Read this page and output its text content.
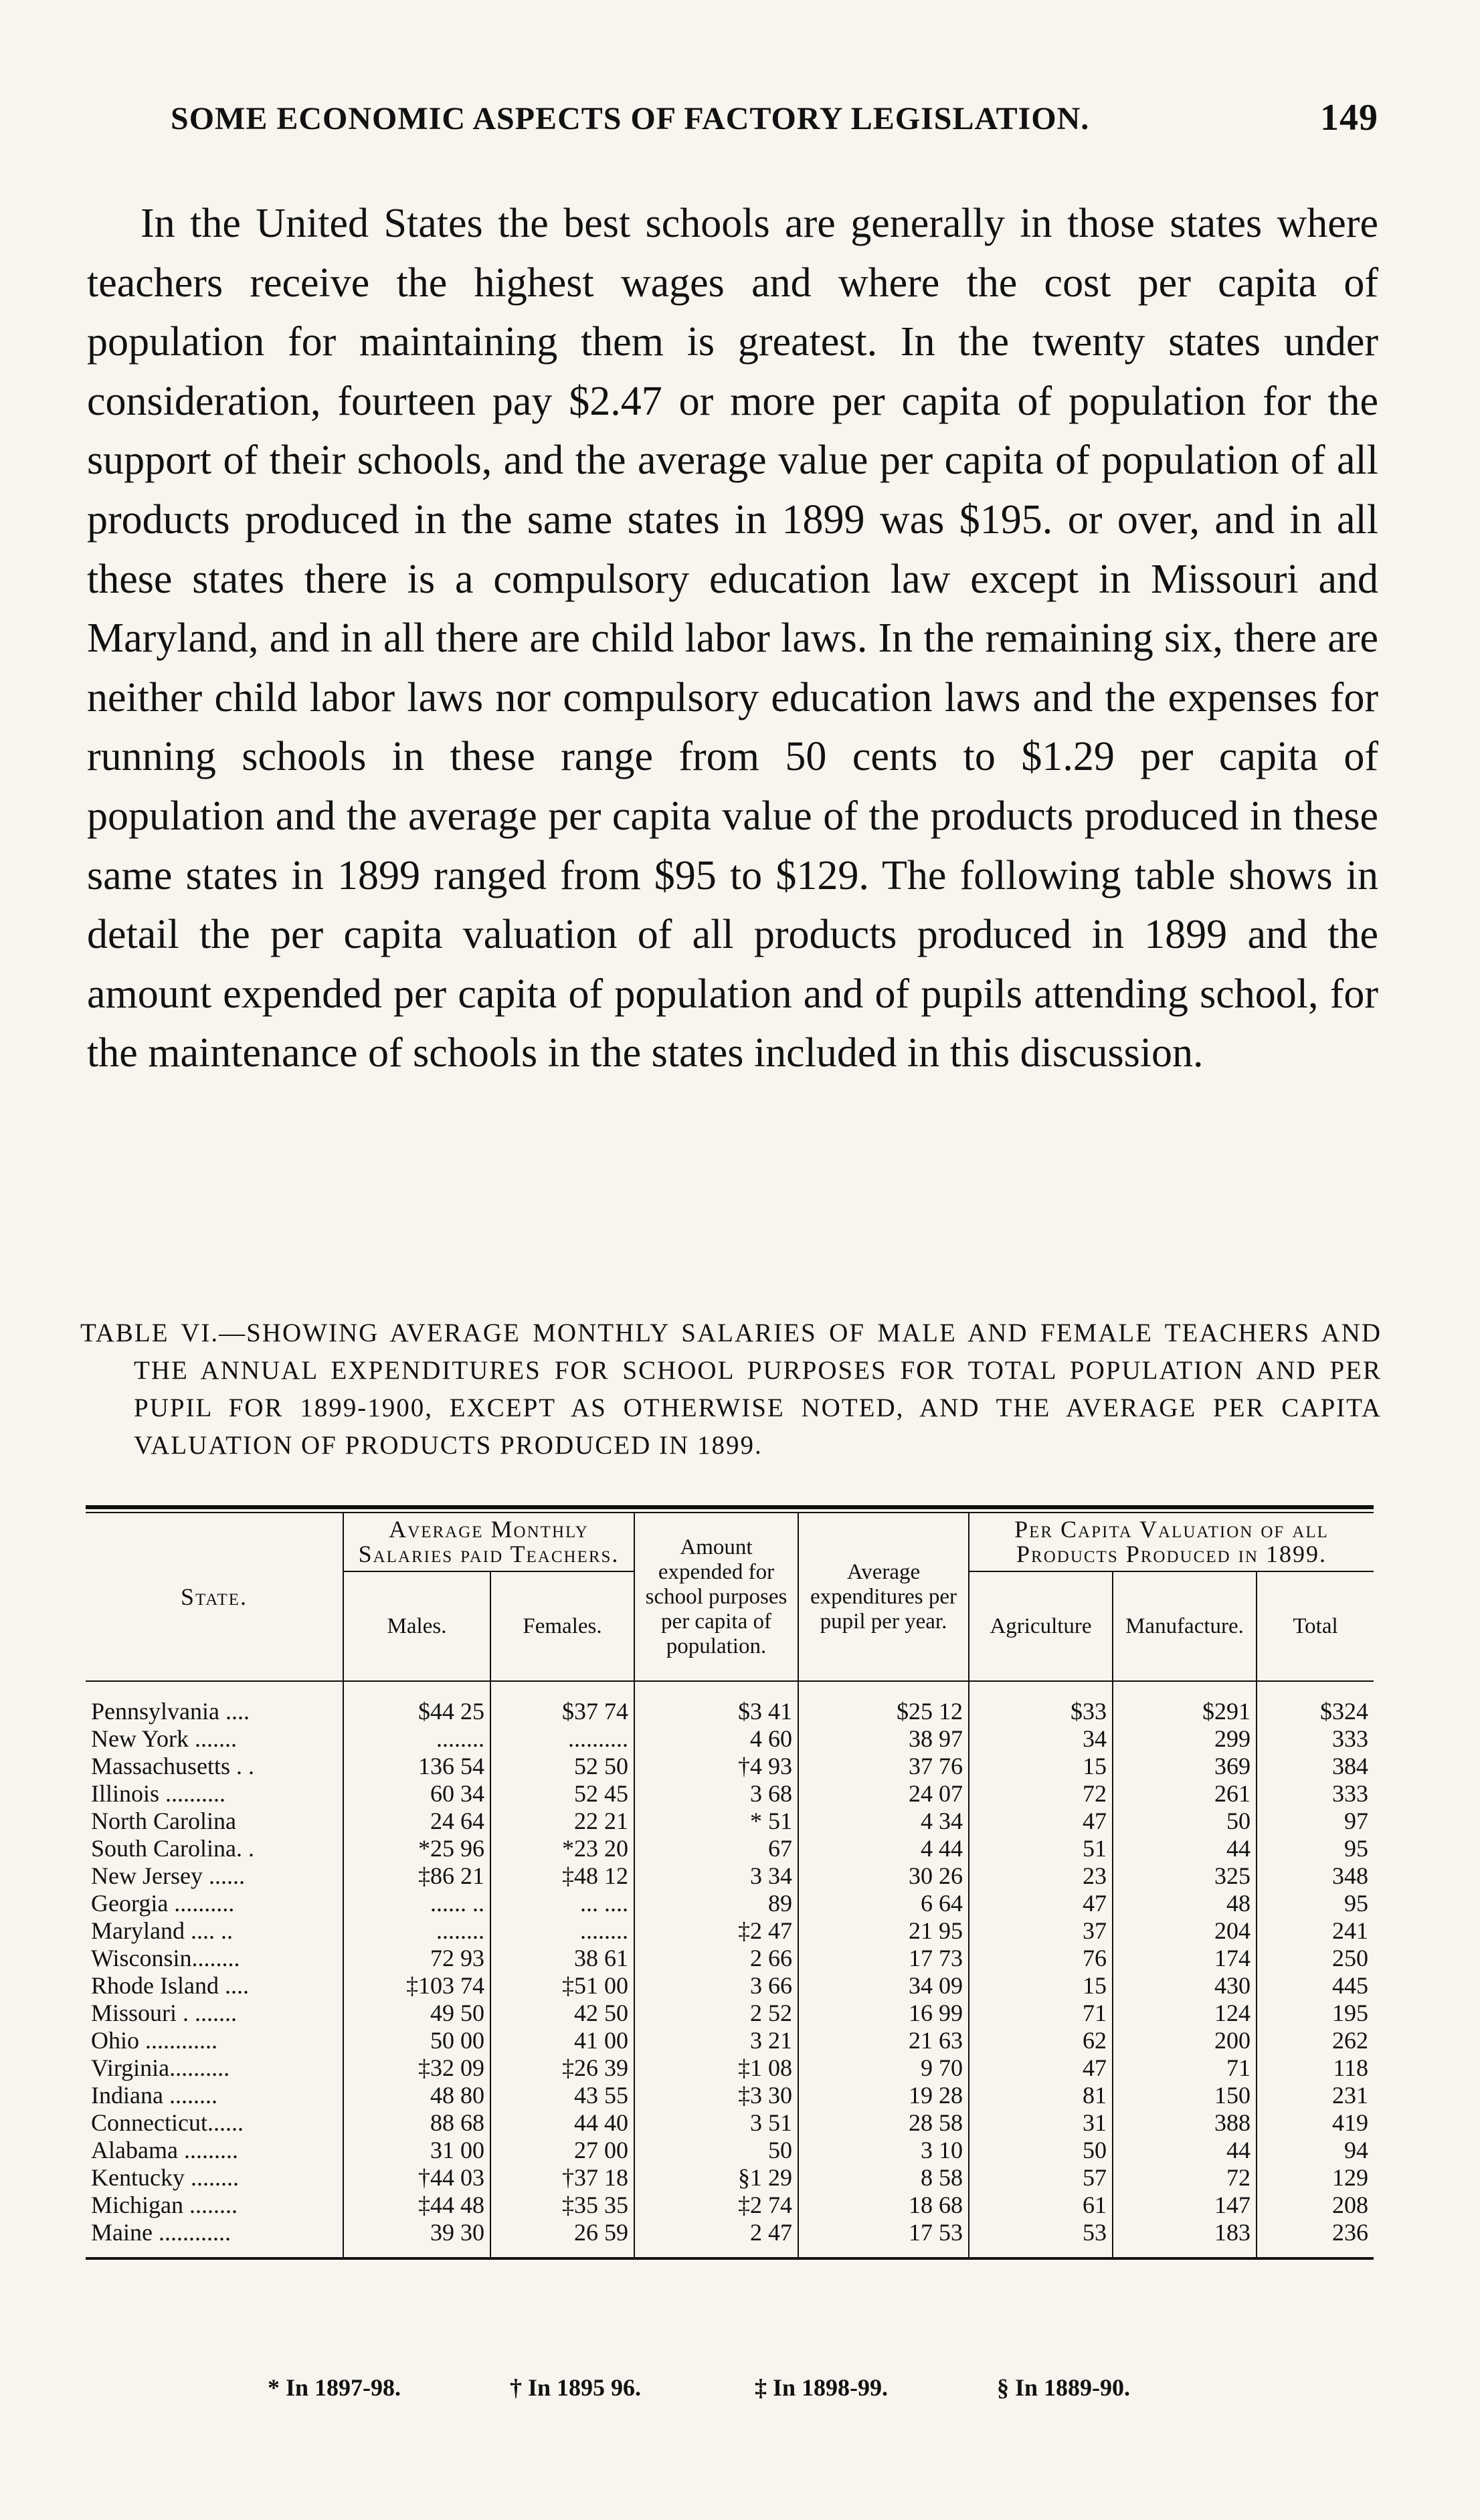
SOME ECONOMIC ASPECTS OF FACTORY LEGISLATION.	149

In the United States the best schools are generally in those states where teachers receive the highest wages and where the cost per capita of population for maintaining them is greatest. In the twenty states under consideration, fourteen pay $2.47 or more per capita of population for the support of their schools, and the average value per capita of population of all products produced in the same states in 1899 was $195. or over, and in all these states there is a compulsory education law except in Missouri and Maryland, and in all there are child labor laws. In the remaining six, there are neither child labor laws nor compulsory education laws and the expenses for running schools in these range from 50 cents to $1.29 per capita of population and the average per capita value of the products produced in these same states in 1899 ranged from $95 to $129. The following table shows in detail the per capita valuation of all products produced in 1899 and the amount expended per capita of population and of pupils attending school, for the maintenance of schools in the states included in this discussion.

TABLE VI.—SHOWING AVERAGE MONTHLY SALARIES OF MALE AND FEMALE TEACHERS AND THE ANNUAL EXPENDITURES FOR SCHOOL PURPOSES FOR TOTAL POPULATION AND PER PUPIL FOR 1899-1900, EXCEPT AS OTHERWISE NOTED, AND THE AVERAGE PER CAPITA VALUATION OF PRODUCTS PRODUCED IN 1899.

State.	Average Monthly Salaries paid Teachers.		Amount expended for school purposes per capita of population.	Average expenditures per pupil per year.	Per Capita Valuation of all Products Produced in 1899.		
	Males.	Females.			Agriculture	Manufacture.	Total
Pennsylvania ....	$44 25	$37 74	$3 41	$25 12	$33	$291	$324
New York .......	........	..........	4 60	38 97	34	299	333
Massachusetts . .	136 54	52 50	†4 93	37 76	15	369	384
Illinois ..........	60 34	52 45	3 68	24 07	72	261	333
North Carolina	24 64	22 21	* 51	4 34	47	50	97
South Carolina. .	*25 96	*23 20	67	4 44	51	44	95
New Jersey ......	‡86 21	‡48 12	3 34	30 26	23	325	348
Georgia ..........	...... ..	... ....	89	6 64	47	48	95
Maryland .... ..	........	........	‡2 47	21 95	37	204	241
Wisconsin........	72 93	38 61	2 66	17 73	76	174	250
Rhode Island ....	‡103 74	‡51 00	3 66	34 09	15	430	445
Missouri . .......	49 50	42 50	2 52	16 99	71	124	195
Ohio ............	50 00	41 00	3 21	21 63	62	200	262
Virginia..........	‡32 09	‡26 39	‡1 08	9 70	47	71	118
Indiana ........	48 80	43 55	‡3 30	19 28	81	150	231
Connecticut......	88 68	44 40	3 51	28 58	31	388	419
Alabama .........	31 00	27 00	50	3 10	50	44	94
Kentucky ........	†44 03	†37 18	§1 29	8 58	57	72	129
Michigan ........	‡44 48	‡35 35	‡2 74	18 68	61	147	208
Maine ............	39 30	26 59	2 47	17 53	53	183	236
* In 1897-98.	† In 1895 96.	‡ In 1898-99.	§ In 1889-90.
